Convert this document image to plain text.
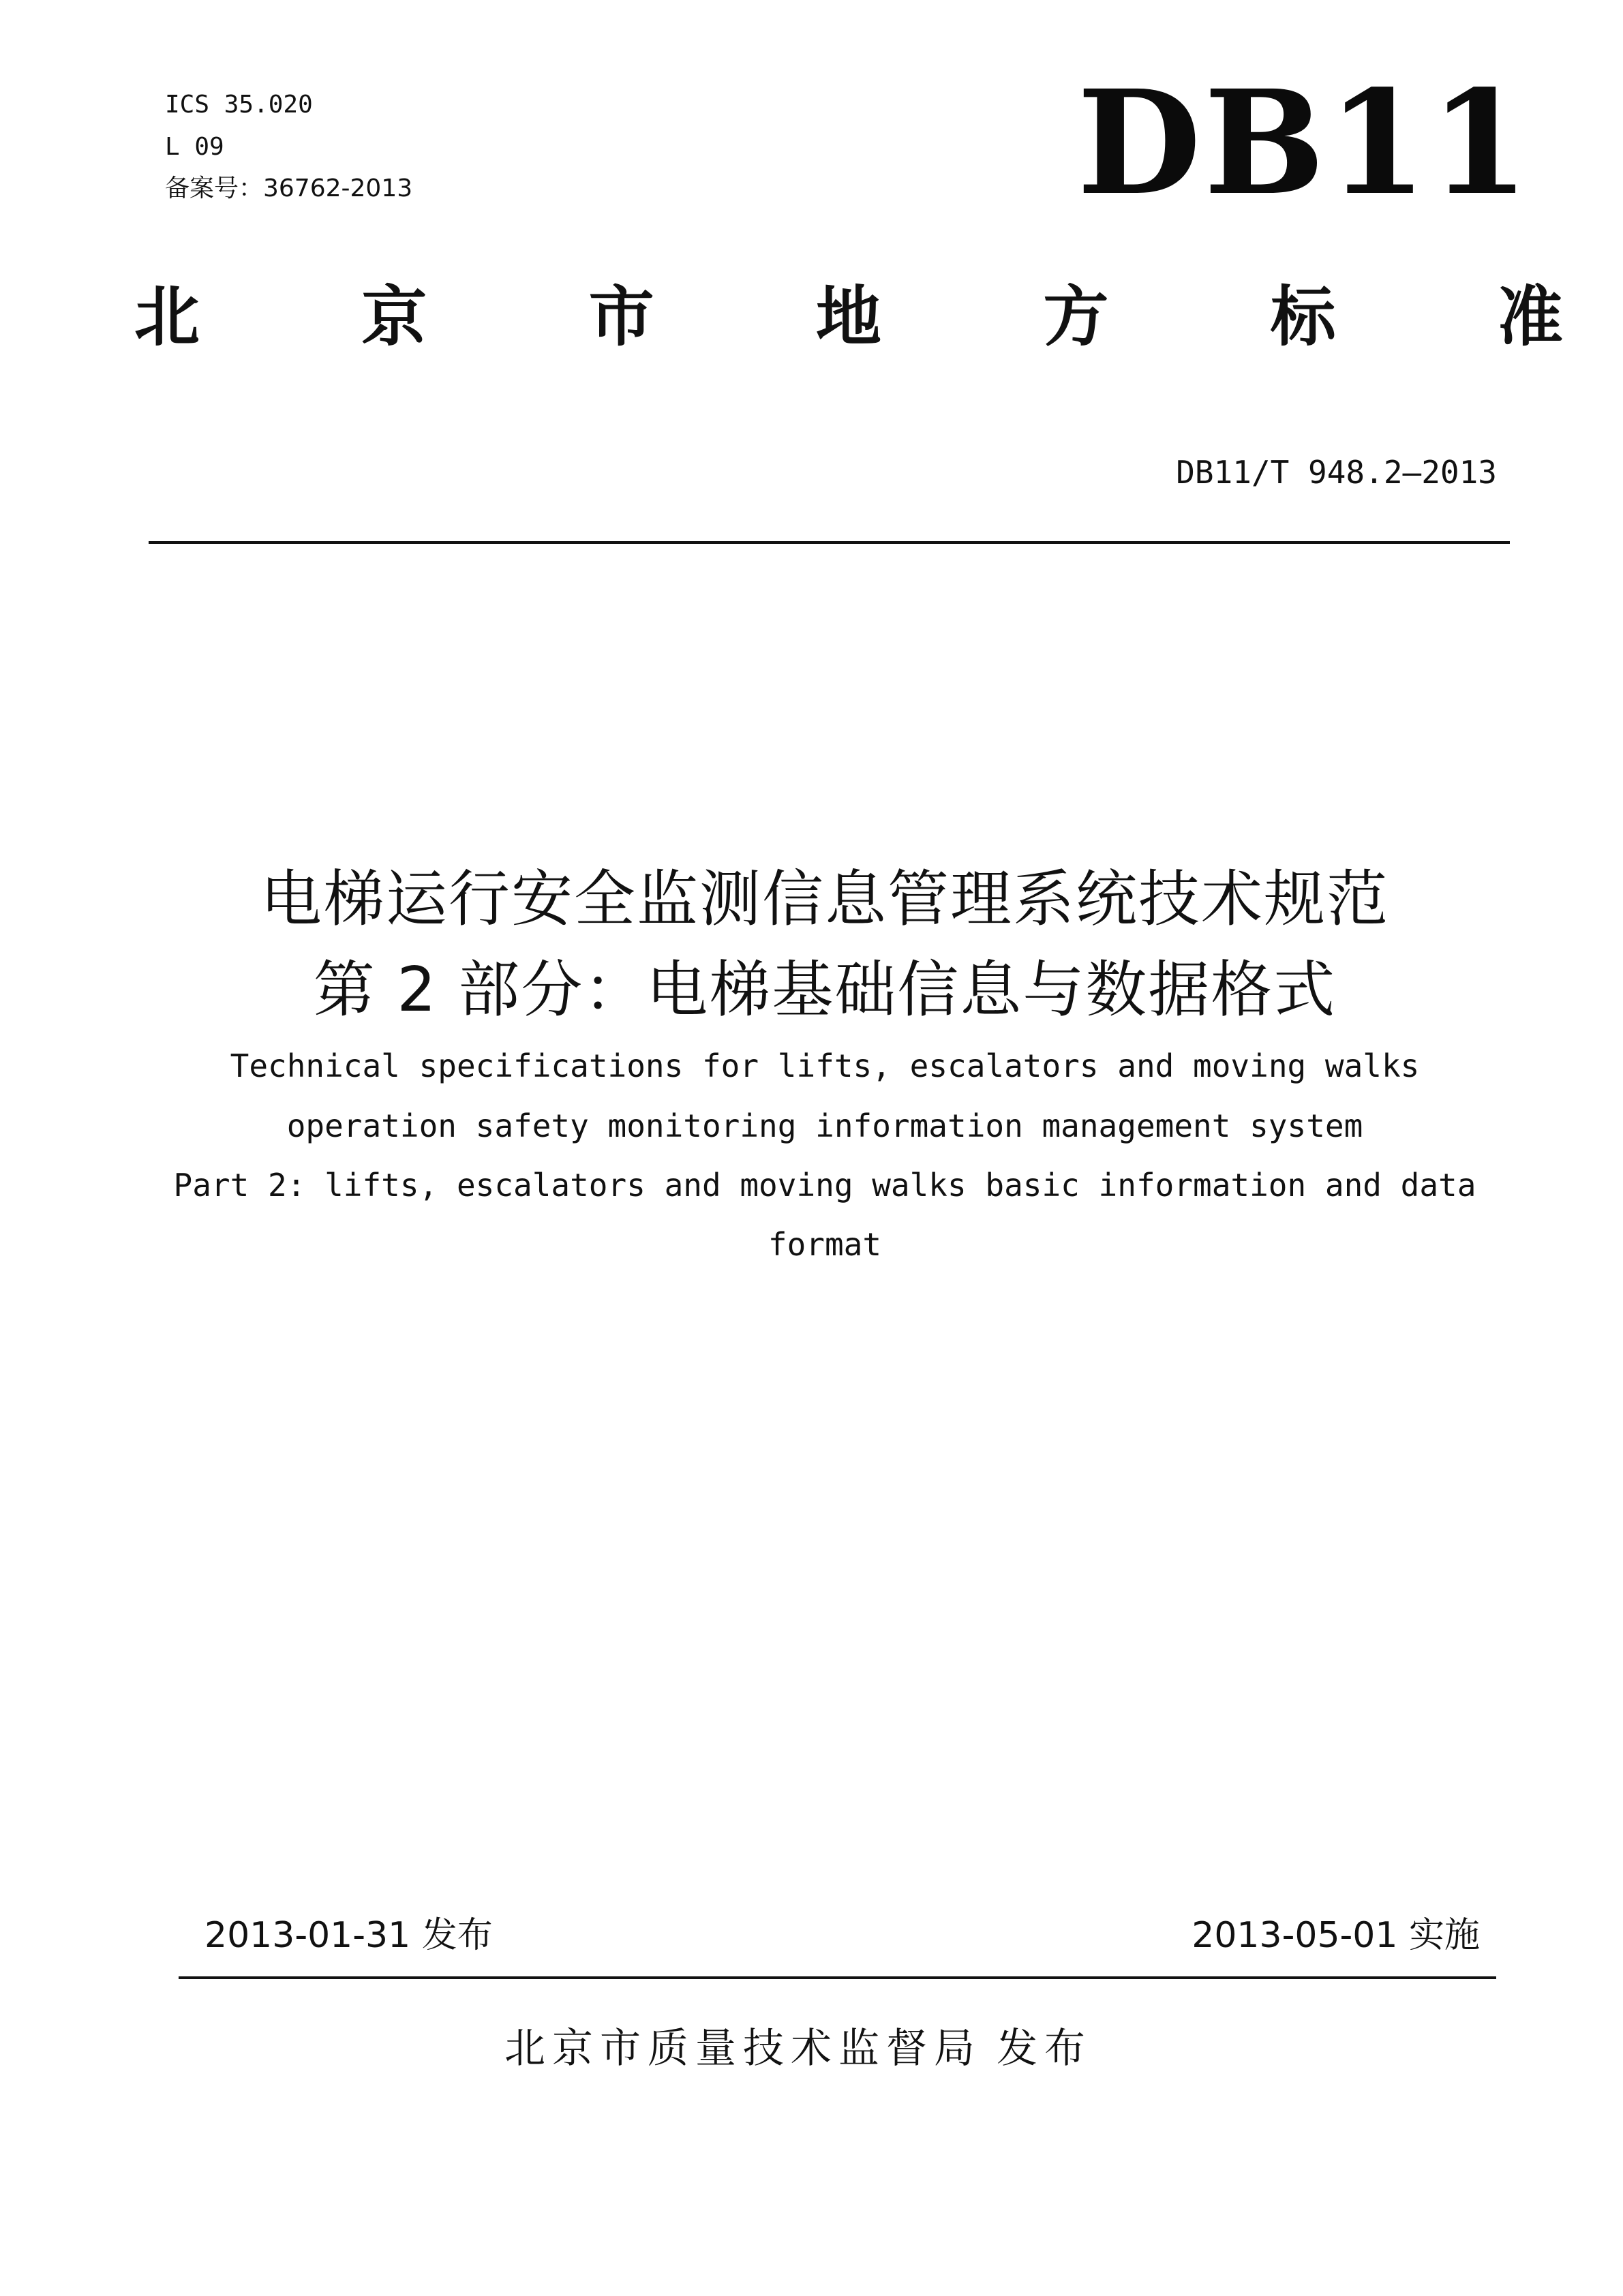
ICS 35.020
L 09
备案号：36762-2013	DB11
北 京 市 地 方 标 准
DB11/T 948.2—2013
电梯运行安全监测信息管理系统技术规范
第 2 部分：电梯基础信息与数据格式
Technical specifications for lifts, escalators and moving walks
operation safety monitoring information management system
Part 2: lifts, escalators and moving walks basic information and data
format
2013-01-31 发布	2013-05-01 实施
北京市质量技术监督局 发布
